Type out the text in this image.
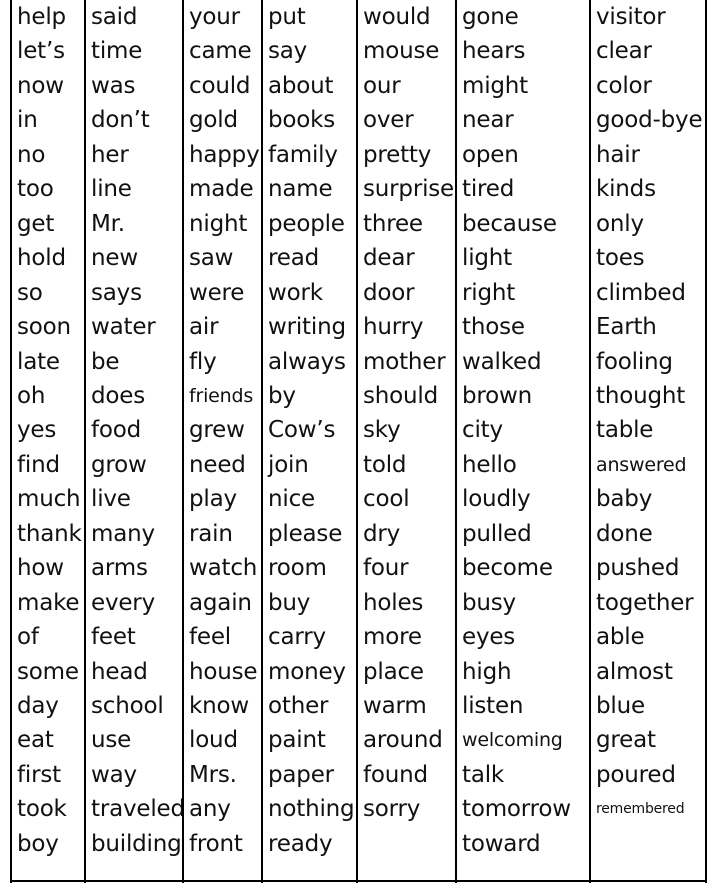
help
let’s
now
in
no
too
get
hold
so
soon
late
oh
yes
find
much
thank
how
make
of
some
day
eat
first
took
boy
said
time
was
don’t
her
line
Mr.
new
says
water
be
does
food
grow
live
many
arms
every
feet
head
school
use
way
traveled
building
your
came
could
gold
happy
made
night
saw
were
air
fly
friends
grew
need
play
rain
watch
again
feel
house
know
loud
Mrs.
any
front
put
say
about
books
family
name
people
read
work
writing
always
by
Cow’s
join
nice
please
room
buy
carry
money
other
paint
paper
nothing
ready
would
mouse
our
over
pretty
surprise
three
dear
door
hurry
mother
should
sky
told
cool
dry
four
holes
more
place
warm
around
found
sorry
gone
hears
might
near
open
tired
because
light
right
those
walked
brown
city
hello
loudly
pulled
become
busy
eyes
high
listen
welcoming
talk
tomorrow
toward
visitor
clear
color
good-bye
hair
kinds
only
toes
climbed
Earth
fooling
thought
table
answered
baby
done
pushed
together
able
almost
blue
great
poured
remembered
